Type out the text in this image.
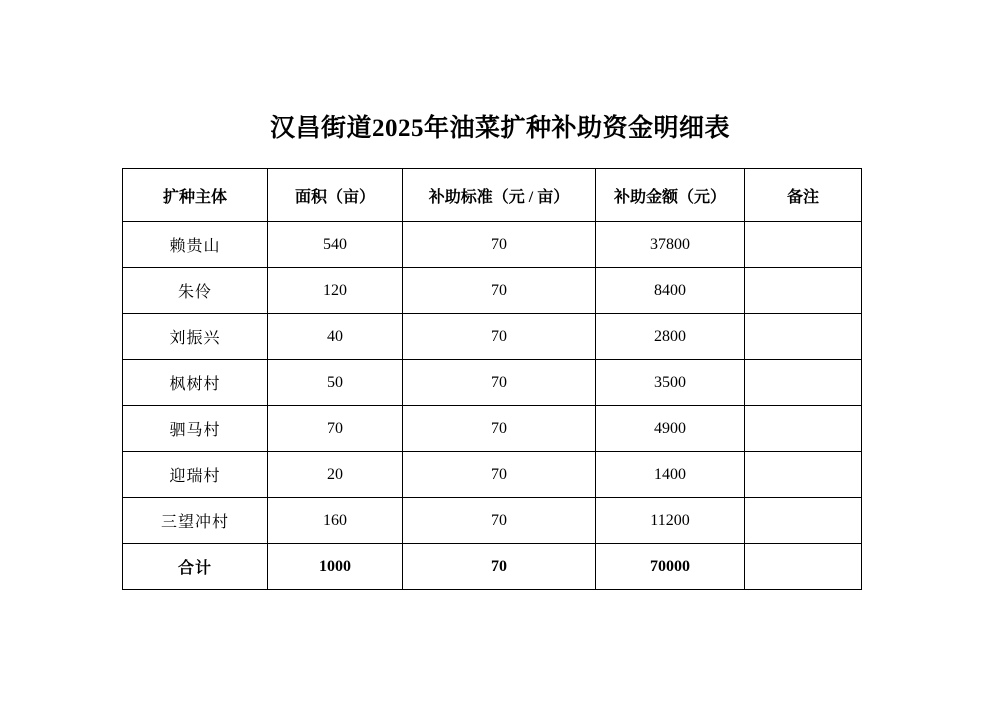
汉昌街道2025年油菜扩种补助资金明细表
扩种主体	面积（亩）	补助标准（元 / 亩）	补助金额（元）	备注
赖贵山	540	70	37800	
朱伶	120	70	8400	
刘振兴	40	70	2800	
枫树村	50	70	3500	
驷马村	70	70	4900	
迎瑞村	20	70	1400	
三望冲村	160	70	11200	
合计	1000	70	70000	
